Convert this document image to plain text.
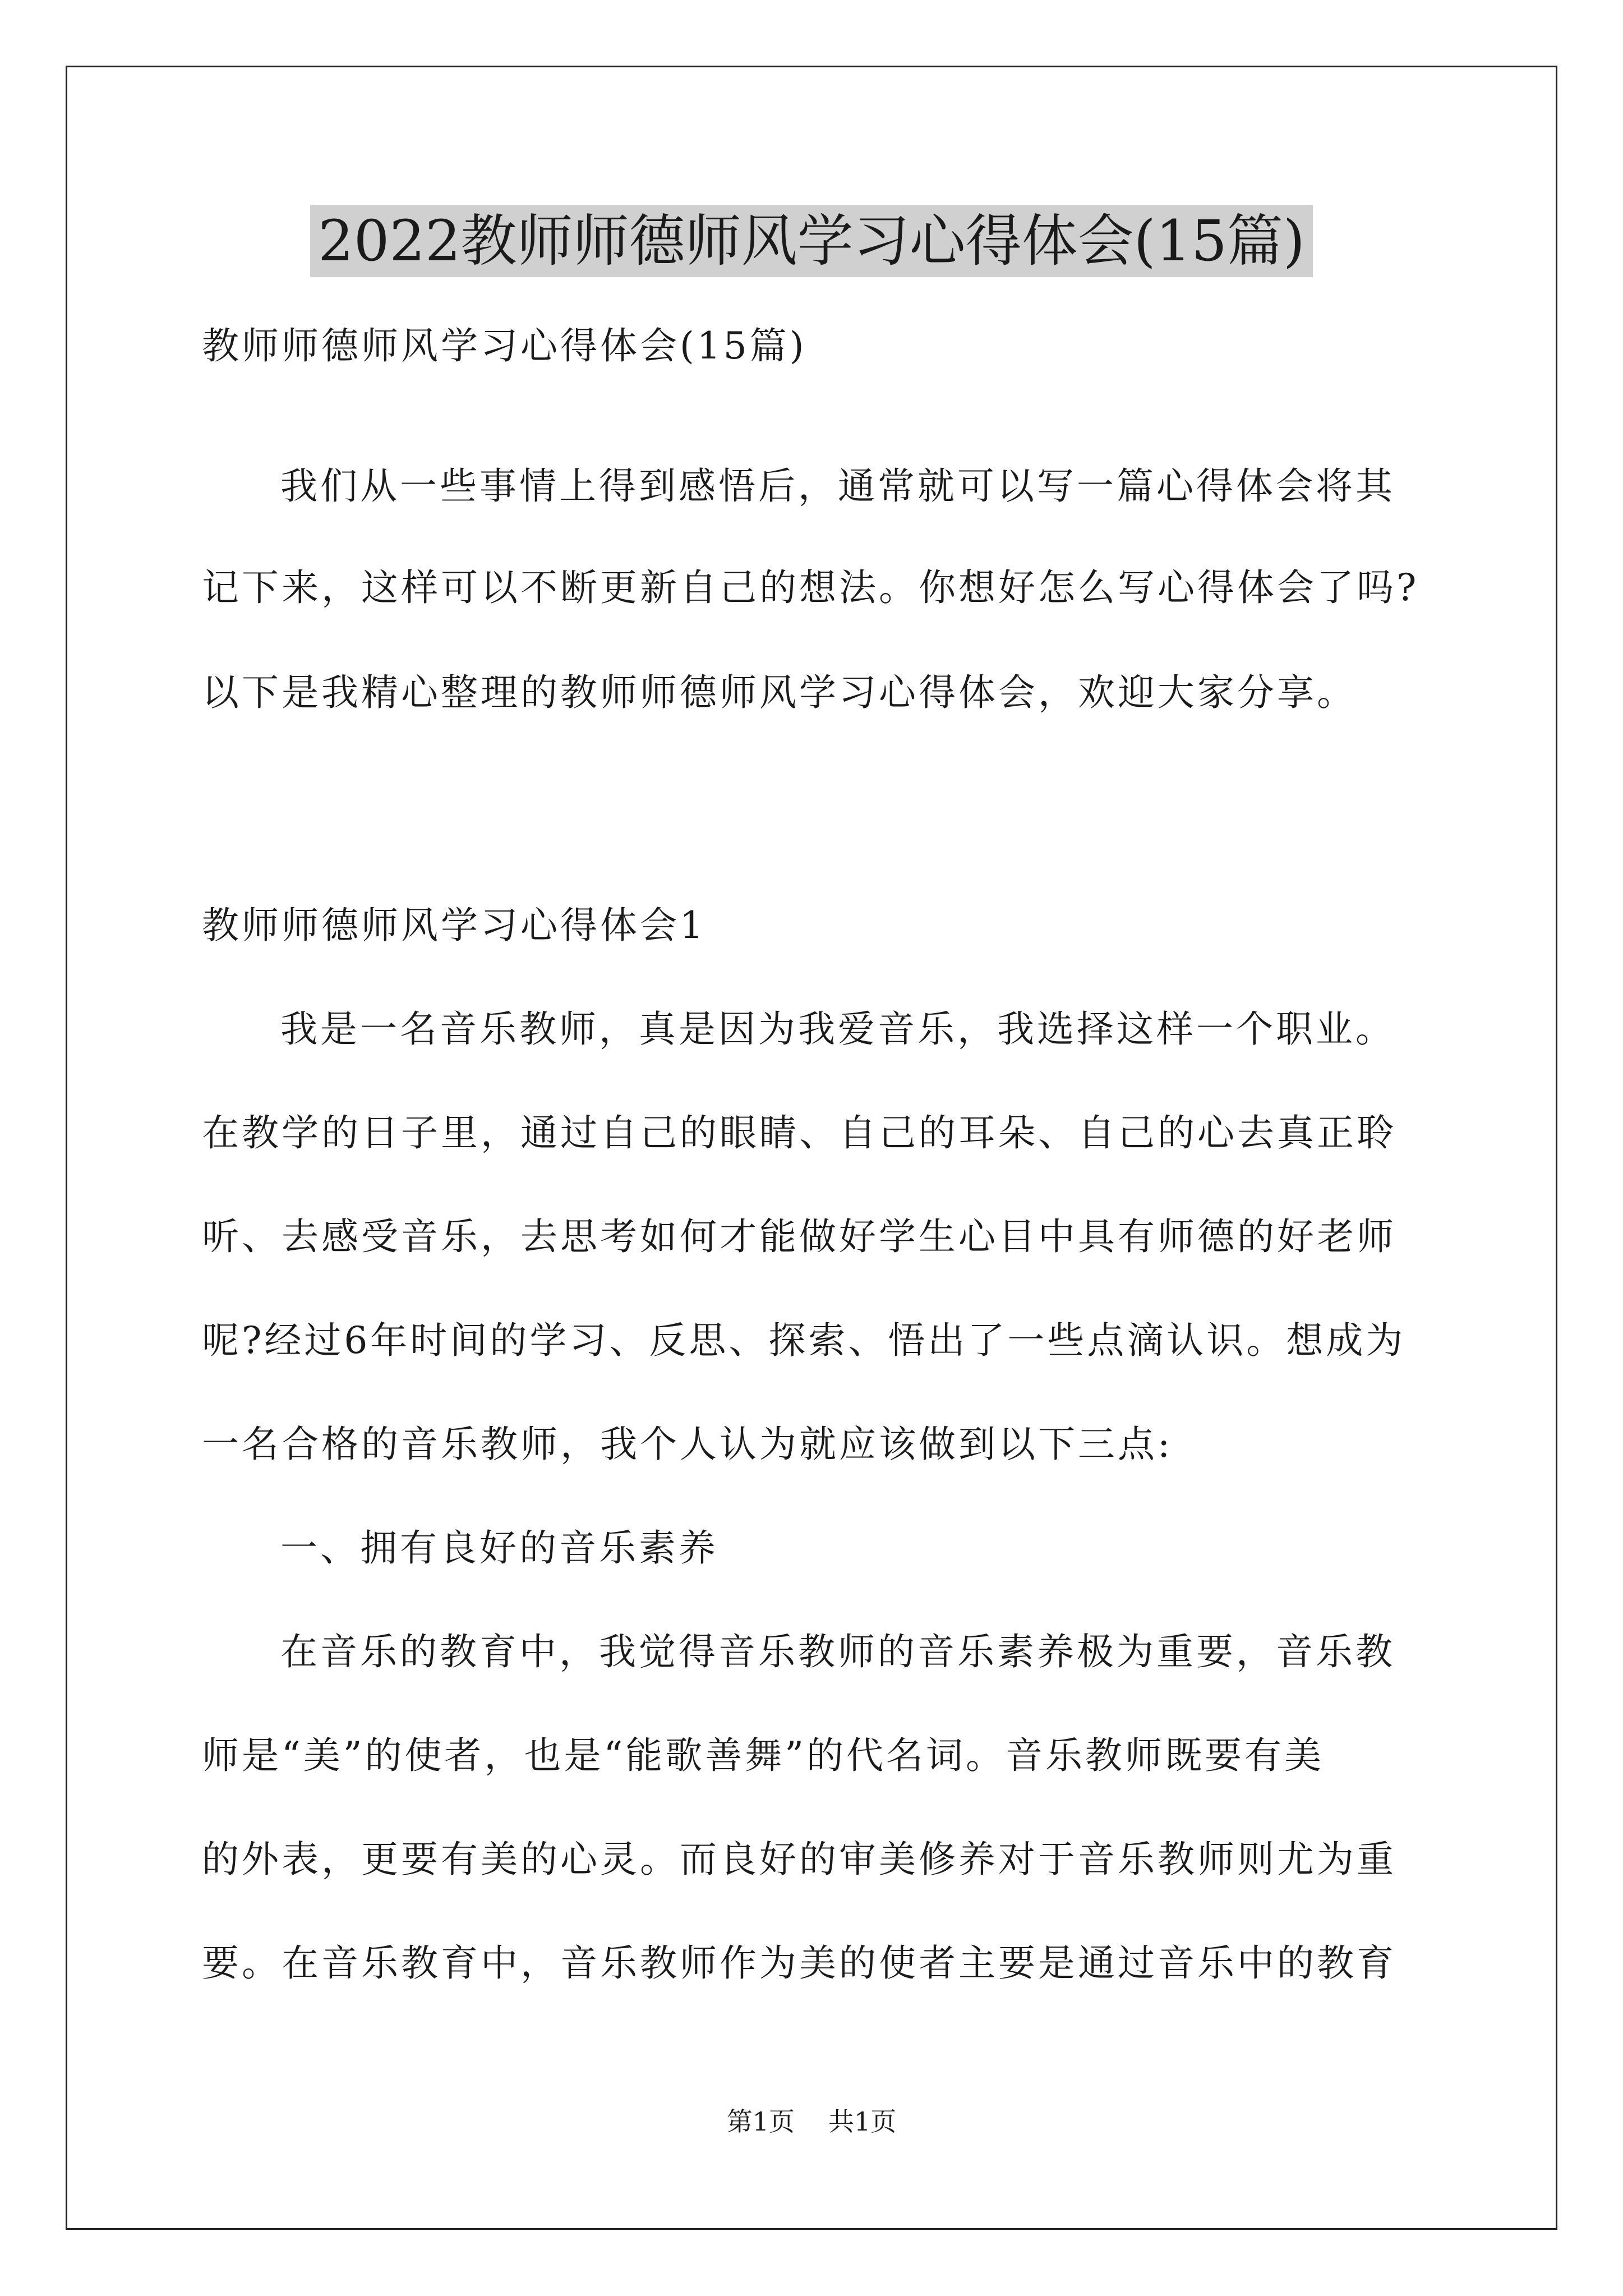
2022教师师德师风学习心得体会(15篇)
教师师德师风学习心得体会(15篇)
我们从一些事情上得到感悟后，通常就可以写一篇心得体会将其
记下来，这样可以不断更新自己的想法。你想好怎么写心得体会了吗?
以下是我精心整理的教师师德师风学习心得体会，欢迎大家分享。
教师师德师风学习心得体会1
我是一名音乐教师，真是因为我爱音乐，我选择这样一个职业。
在教学的日子里，通过自己的眼睛、自己的耳朵、自己的心去真正聆
听、去感受音乐，去思考如何才能做好学生心目中具有师德的好老师
呢?经过6年时间的学习、反思、探索、悟出了一些点滴认识。想成为
一名合格的音乐教师，我个人认为就应该做到以下三点:
一、拥有良好的音乐素养
在音乐的教育中，我觉得音乐教师的音乐素养极为重要，音乐教
师是“美”的使者，也是“能歌善舞”的代名词。音乐教师既要有美
的外表，更要有美的心灵。而良好的审美修养对于音乐教师则尤为重
要。在音乐教育中，音乐教师作为美的使者主要是通过音乐中的教育
第1页 共1页
